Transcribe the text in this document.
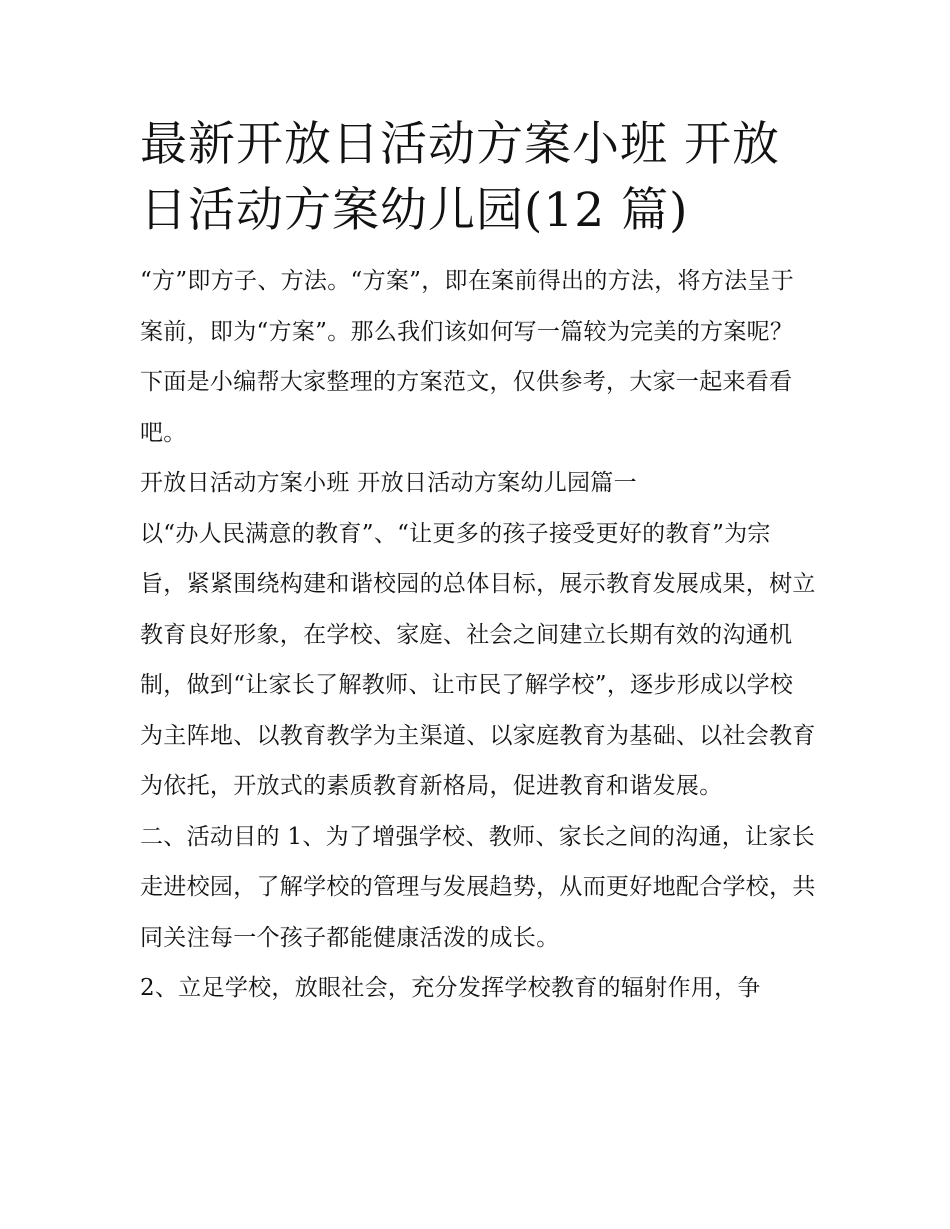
最新开放日活动方案小班 开放日活动方案幼儿园(12 篇)

“方”即方子、方法。“方案”，即在案前得出的方法，将方法呈于案前，即为“方案”。那么我们该如何写一篇较为完美的方案呢？下面是小编帮大家整理的方案范文，仅供参考，大家一起来看看吧。

开放日活动方案小班 开放日活动方案幼儿园篇一

以“办人民满意的教育”、“让更多的孩子接受更好的教育”为宗旨，紧紧围绕构建和谐校园的总体目标，展示教育发展成果，树立教育良好形象，在学校、家庭、社会之间建立长期有效的沟通机制，做到“让家长了解教师、让市民了解学校”，逐步形成以学校为主阵地、以教育教学为主渠道、以家庭教育为基础、以社会教育为依托，开放式的素质教育新格局，促进教育和谐发展。

二、活动目的 1、为了增强学校、教师、家长之间的沟通，让家长走进校园，了解学校的管理与发展趋势，从而更好地配合学校，共同关注每一个孩子都能健康活泼的成长。

2、立足学校，放眼社会，充分发挥学校教育的辐射作用，争
